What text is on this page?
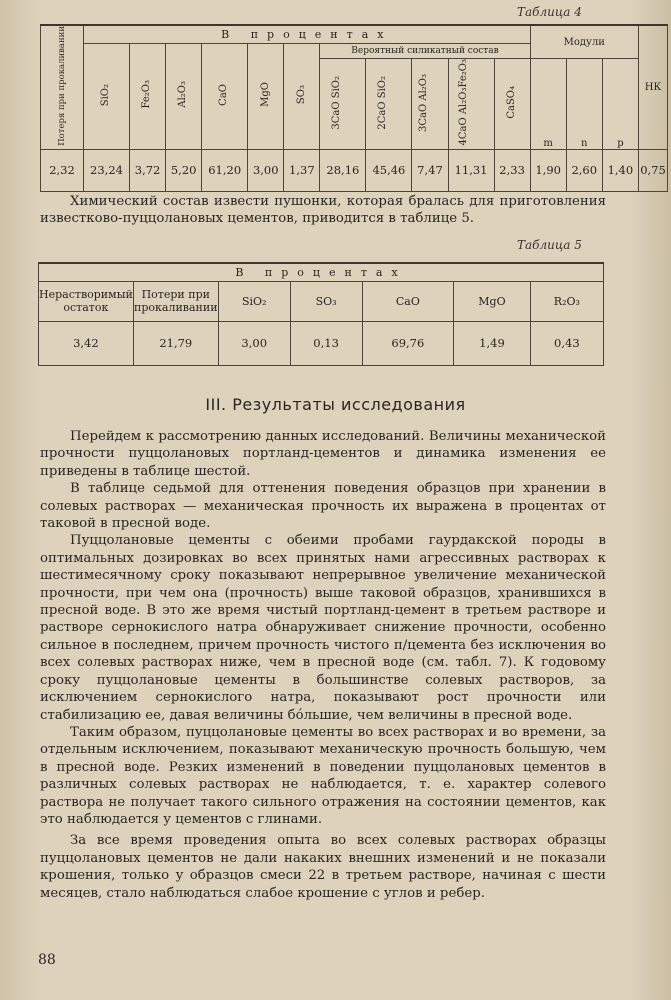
Таблица 4
Потеря при прокаливании	В процентах											Модули			НК
	SiO₂	Fe₂O₃	Al₂O₃	CaO	MgO	SO₃	Вероятный силикатный состав								
							3CaO SiO₂	2CaO SiO₂	3CaO Al₂O₃	4CaO Al₂O₃Fe₂O₃	CaSO₄	m	n	p	
2,32	23,24	3,72	5,20	61,20	3,00	1,37	28,16	45,46	7,47	11,31	2,33	1,90	2,60	1,40	0,75

Химический состав извести пушонки, которая бралась для приготовления известково-пуццолановых цементов, приводится в таблице 5.

Таблица 5
В процентах						
Нерастворимый остаток	Потери при прокаливании	SiO₂	SO₃	CaO	MgO	R₂O₃
3,42	21,79	3,00	0,13	69,76	1,49	0,43
III. Результаты исследования

Перейдем к рассмотрению данных исследований. Величины механической прочности пуццолановых портланд-цементов и динамика изменения ее приведены в таблице шестой.

В таблице седьмой для оттенения поведения образцов при хранении в солевых растворах — механическая прочность их выражена в процентах от таковой в пресной воде.

Пуццолановые цементы с обеими пробами гаурдакской породы в оптимальных дозировках во всех принятых нами агрессивных растворах к шестимесячному сроку показывают непрерывное увеличение механической прочности, при чем она (прочность) выше таковой образцов, хранившихся в пресной воде. В это же время чистый портланд-цемент в третьем растворе и растворе сернокислого натра обнаруживает снижение прочности, особенно сильное в последнем, причем прочность чистого п/цемента без исключения во всех солевых растворах ниже, чем в пресной воде (см. табл. 7). К годовому сроку пуццолановые цементы в большинстве солевых растворов, за исключением сернокислого натра, показывают рост прочности или стабилизацию ее, давая величины бóльшие, чем величины в пресной воде.

Таким образом, пуццолановые цементы во всех растворах и во времени, за отдельным исключением, показывают механическую прочность большую, чем в пресной воде. Резких изменений в поведении пуццолановых цементов в различных солевых растворах не наблюдается, т. е. характер солевого раствора не получает такого сильного отражения на состоянии цементов, как это наблюдается у цементов с глинами.

За все время проведения опыта во всех солевых растворах образцы пуццолановых цементов не дали накаких внешних изменений и не показали крошения, только у образцов смеси 22 в третьем растворе, начиная с шести месяцев, стало наблюдаться слабое крошение с углов и ребер.

88
